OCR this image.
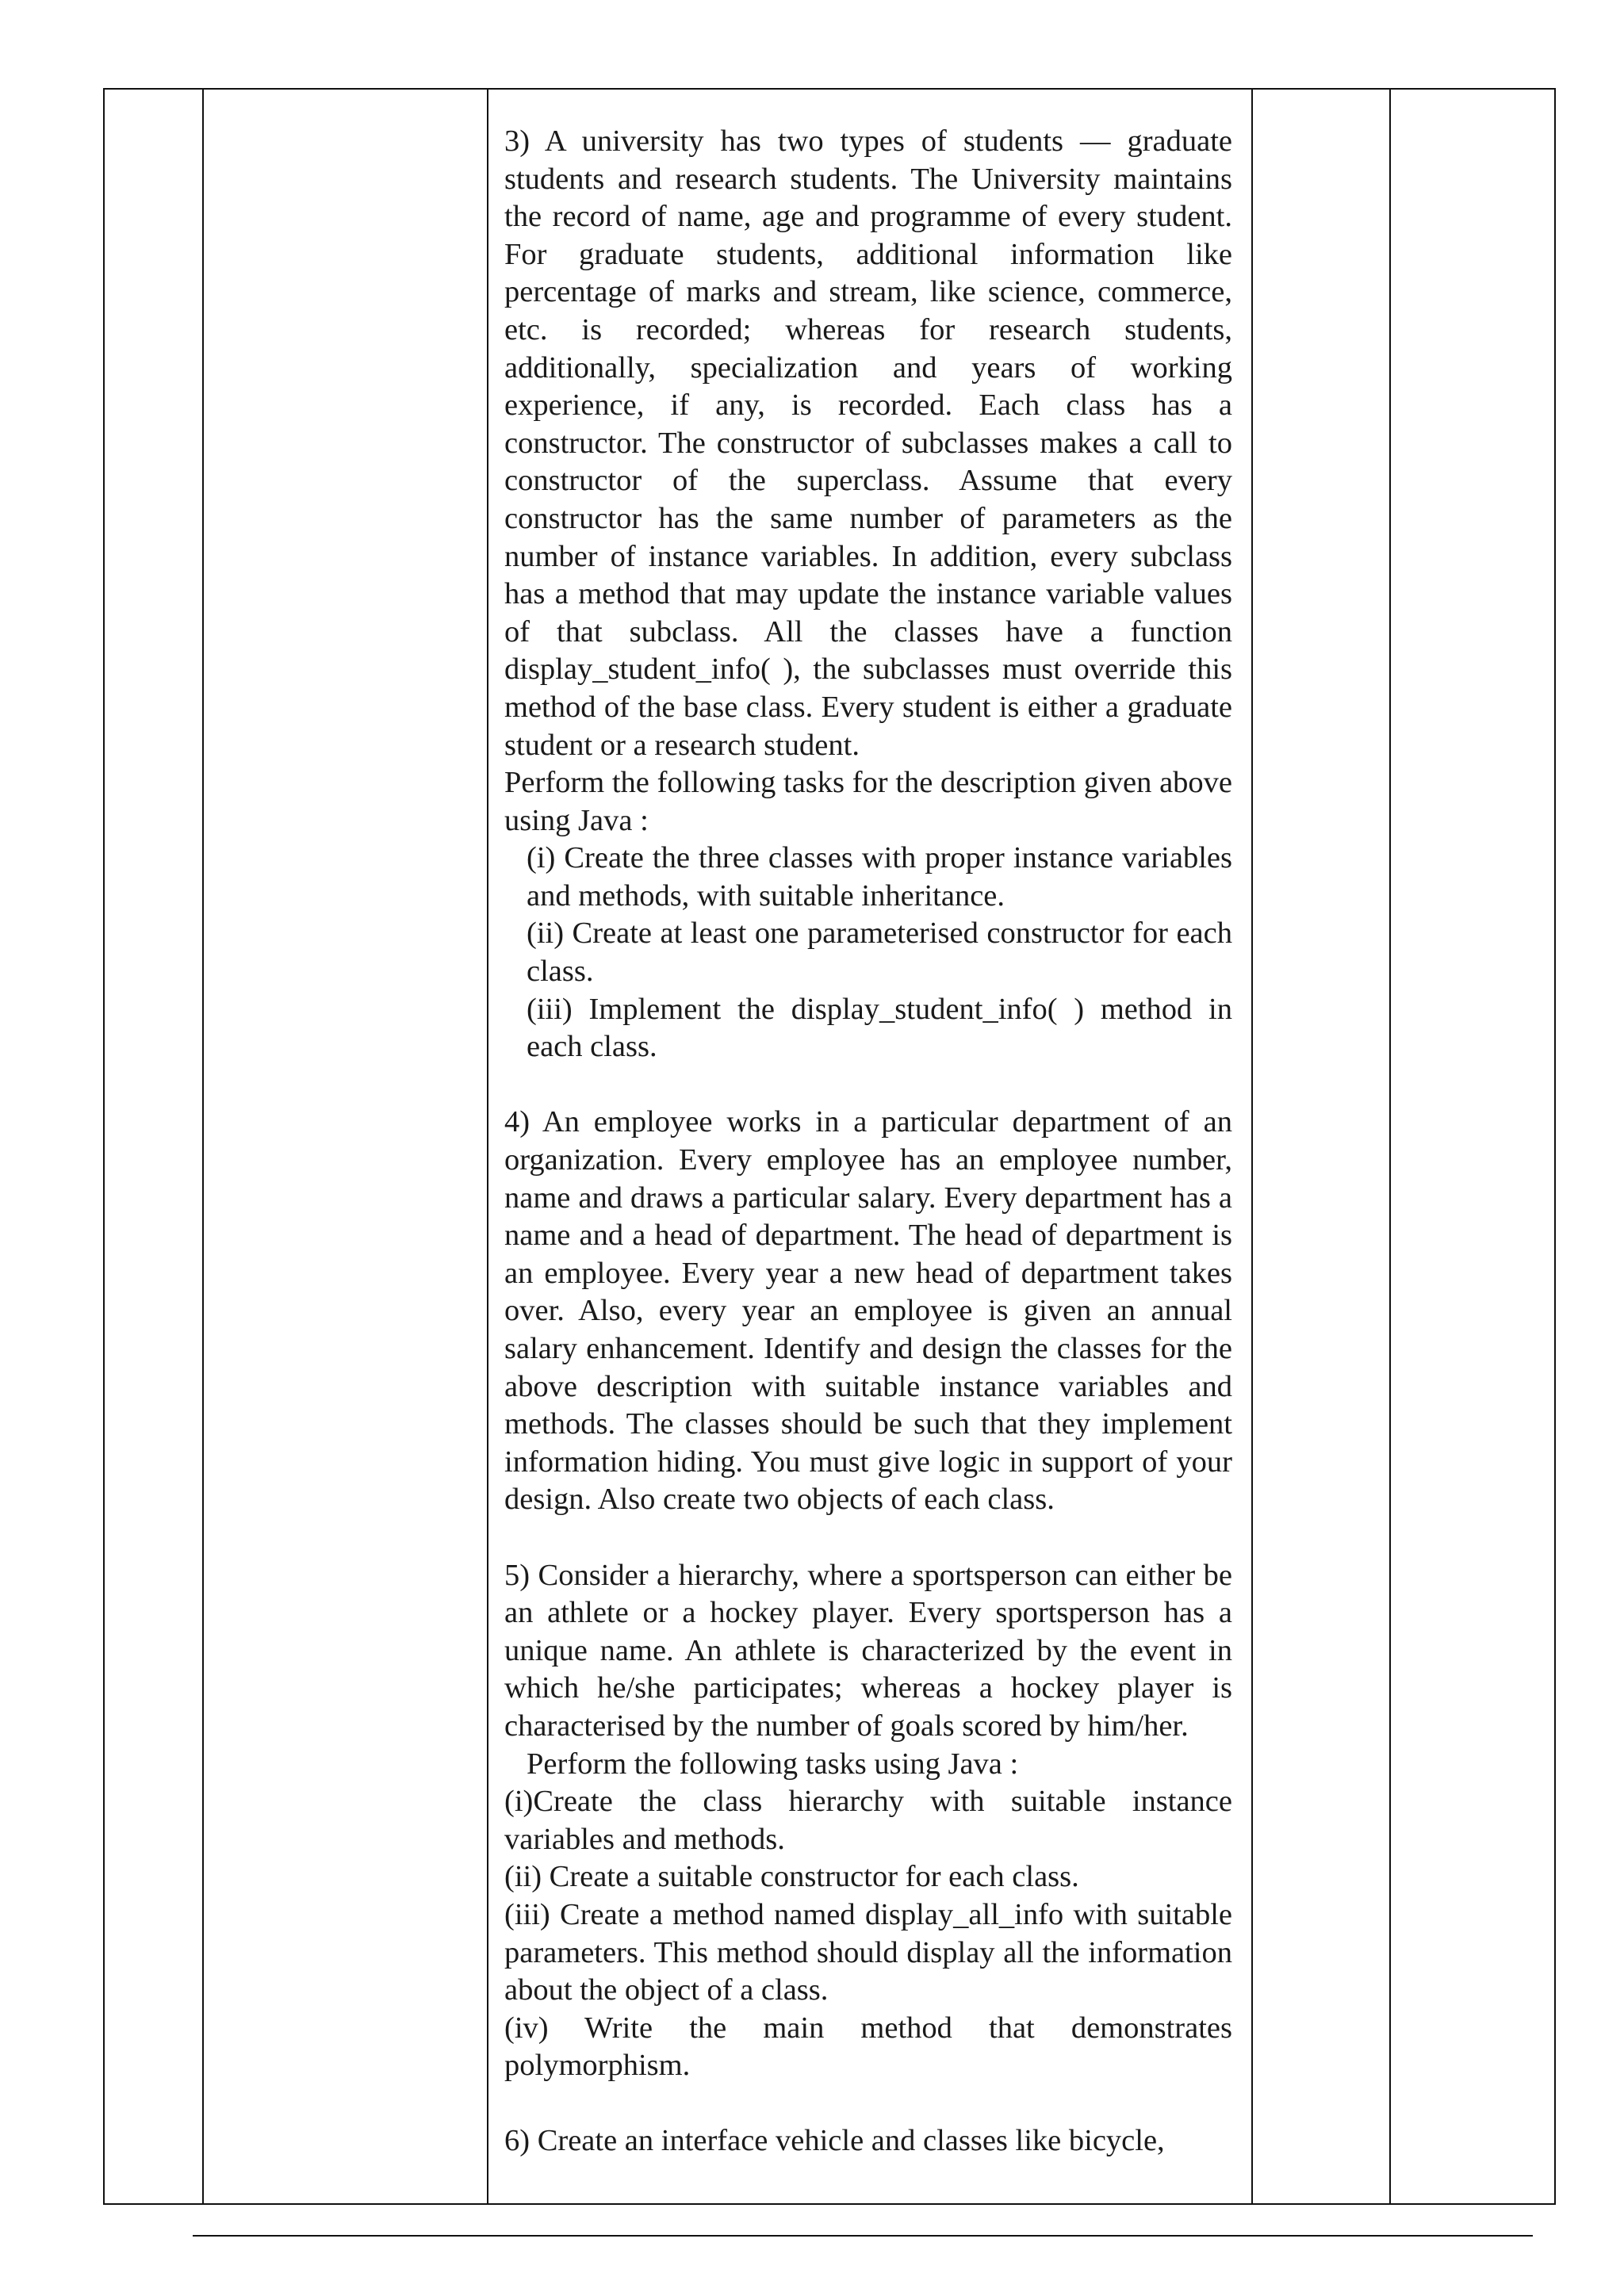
3) A university has two types of students — graduate students and research students. The University maintains the record of name, age and programme of every student. For graduate students, additional information like percentage of marks and stream, like science, commerce, etc. is recorded; whereas for research students, additionally, specialization and years of working experience, if any, is recorded. Each class has a constructor. The constructor of subclasses makes a call to constructor of the superclass. Assume that every constructor has the same number of parameters as the number of instance variables. In addition, every subclass has a method that may update the instance variable values of that subclass. All the classes have a function display_student_info( ), the subclasses must override this method of the base class. Every student is either a graduate student or a research student.

Perform the following tasks for the description given above using Java :

(i) Create the three classes with proper instance variables and methods, with suitable inheritance.

(ii) Create at least one parameterised constructor for each class.

(iii) Implement the display_student_info( ) method in each class.

4) An employee works in a particular department of an organization. Every employee has an employee number, name and draws a particular salary. Every department has a name and a head of department. The head of department is an employee. Every year a new head of department takes over. Also, every year an employee is given an annual salary enhancement. Identify and design the classes for the above description with suitable instance variables and methods. The classes should be such that they implement information hiding. You must give logic in support of your design. Also create two objects of each class.

5) Consider a hierarchy, where a sportsperson can either be an athlete or a hockey player. Every sportsperson has a unique name. An athlete is characterized by the event in which he/she participates; whereas a hockey player is characterised by the number of goals scored by him/her.

Perform the following tasks using Java :

(i)Create the class hierarchy with suitable instance variables and methods.

(ii) Create a suitable constructor for each class.

(iii) Create a method named display_all_info with suitable parameters. This method should display all the information about the object of a class.

(iv) Write the main method that demonstrates polymorphism.

6) Create an interface vehicle and classes like bicycle,
